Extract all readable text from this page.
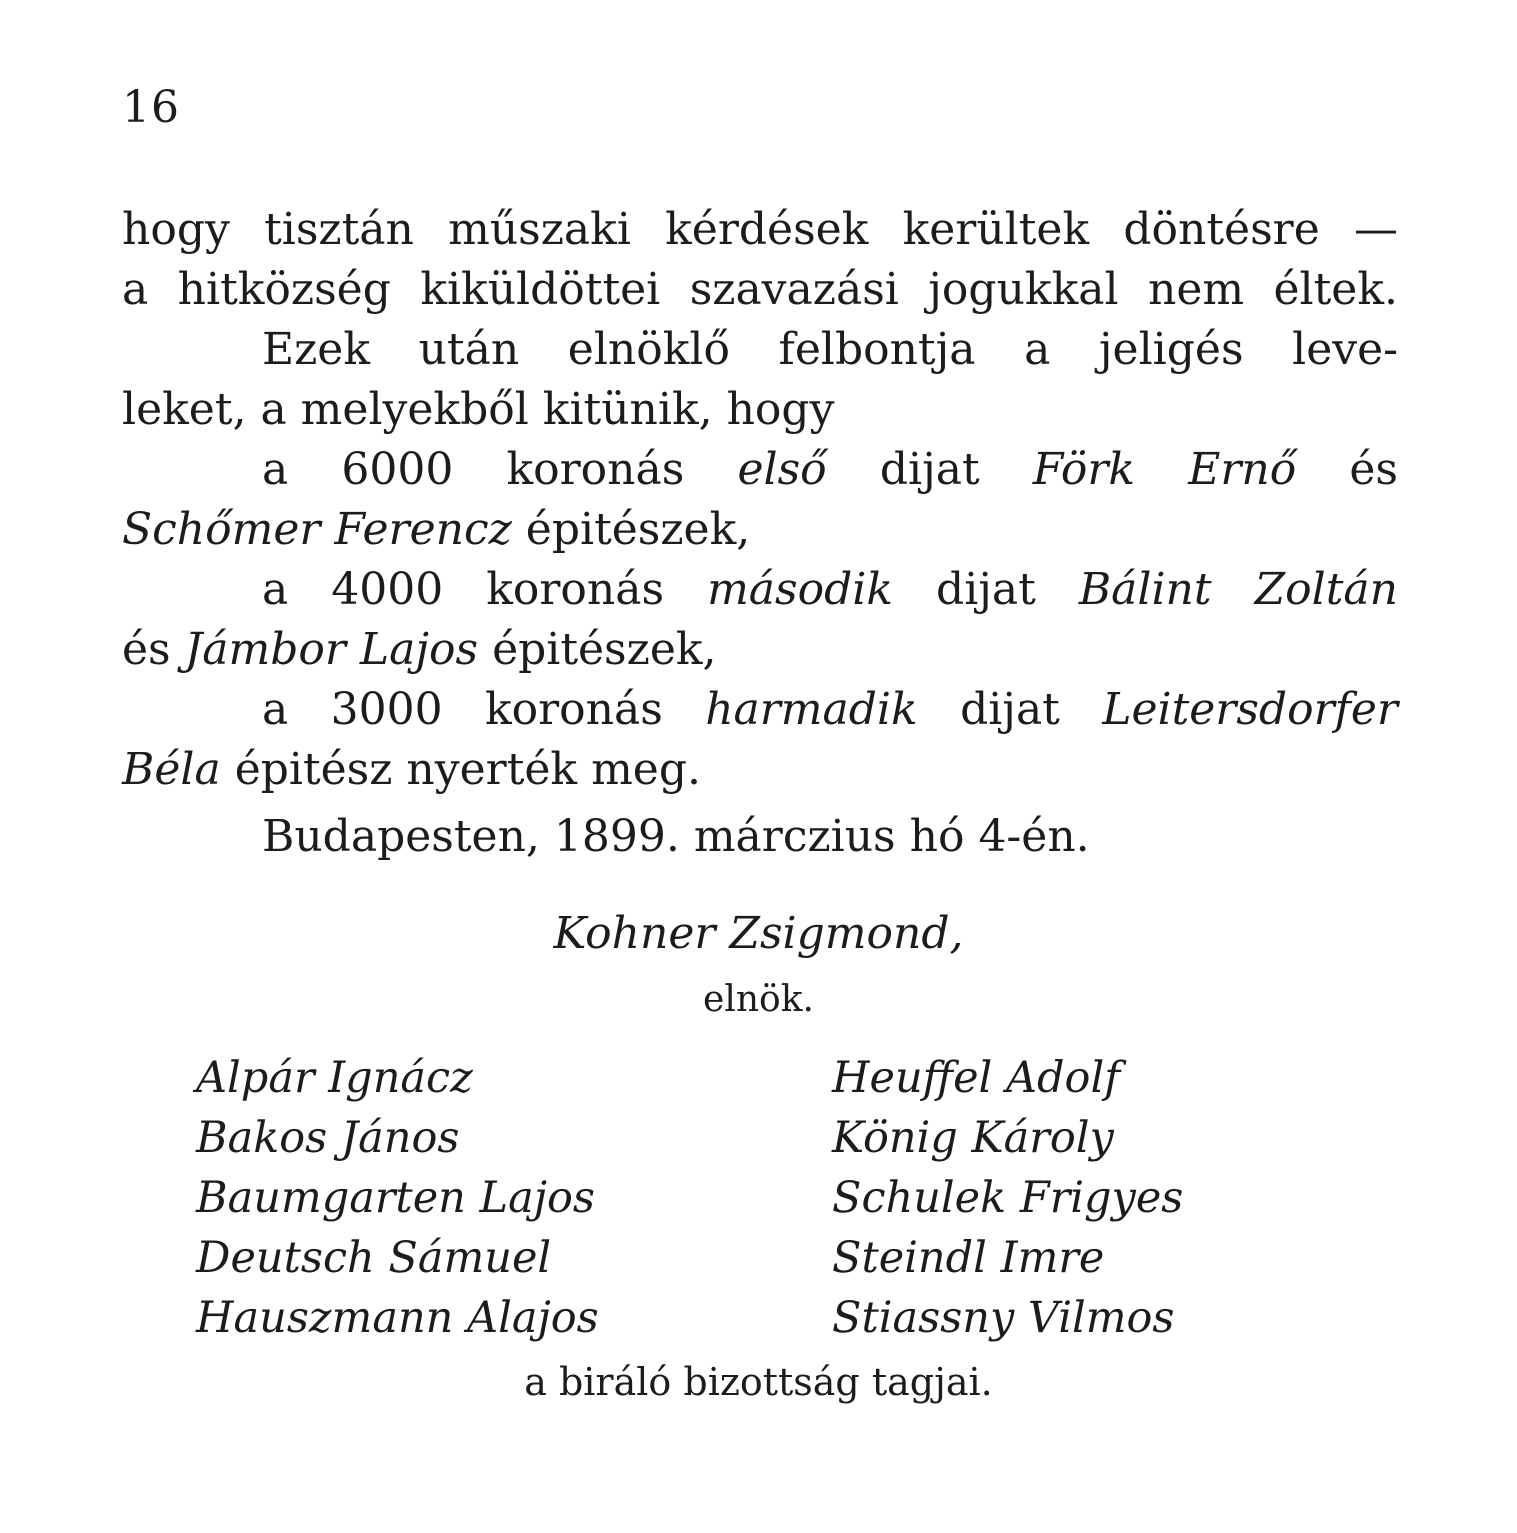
16
hogy tisztán műszaki kérdések kerültek döntésre —
a hitközség kiküldöttei szavazási jogukkal nem éltek.
Ezek után elnöklő felbontja a jeligés leve-
leket, a melyekből kitünik, hogy
a 6000 koronás első dijat Förk Ernő és
Schőmer Ferencz épitészek,
a 4000 koronás második dijat Bálint Zoltán
és Jámbor Lajos épitészek,
a 3000 koronás harmadik dijat Leitersdorfer
Béla épitész nyerték meg.
Budapesten, 1899. márczius hó 4-én.
Kohner Zsigmond,
elnök.
Alpár Ignácz
Bakos János
Baumgarten Lajos
Deutsch Sámuel
Hauszmann Alajos
Heuffel Adolf
König Károly
Schulek Frigyes
Steindl Imre
Stiassny Vilmos
a biráló bizottság tagjai.
